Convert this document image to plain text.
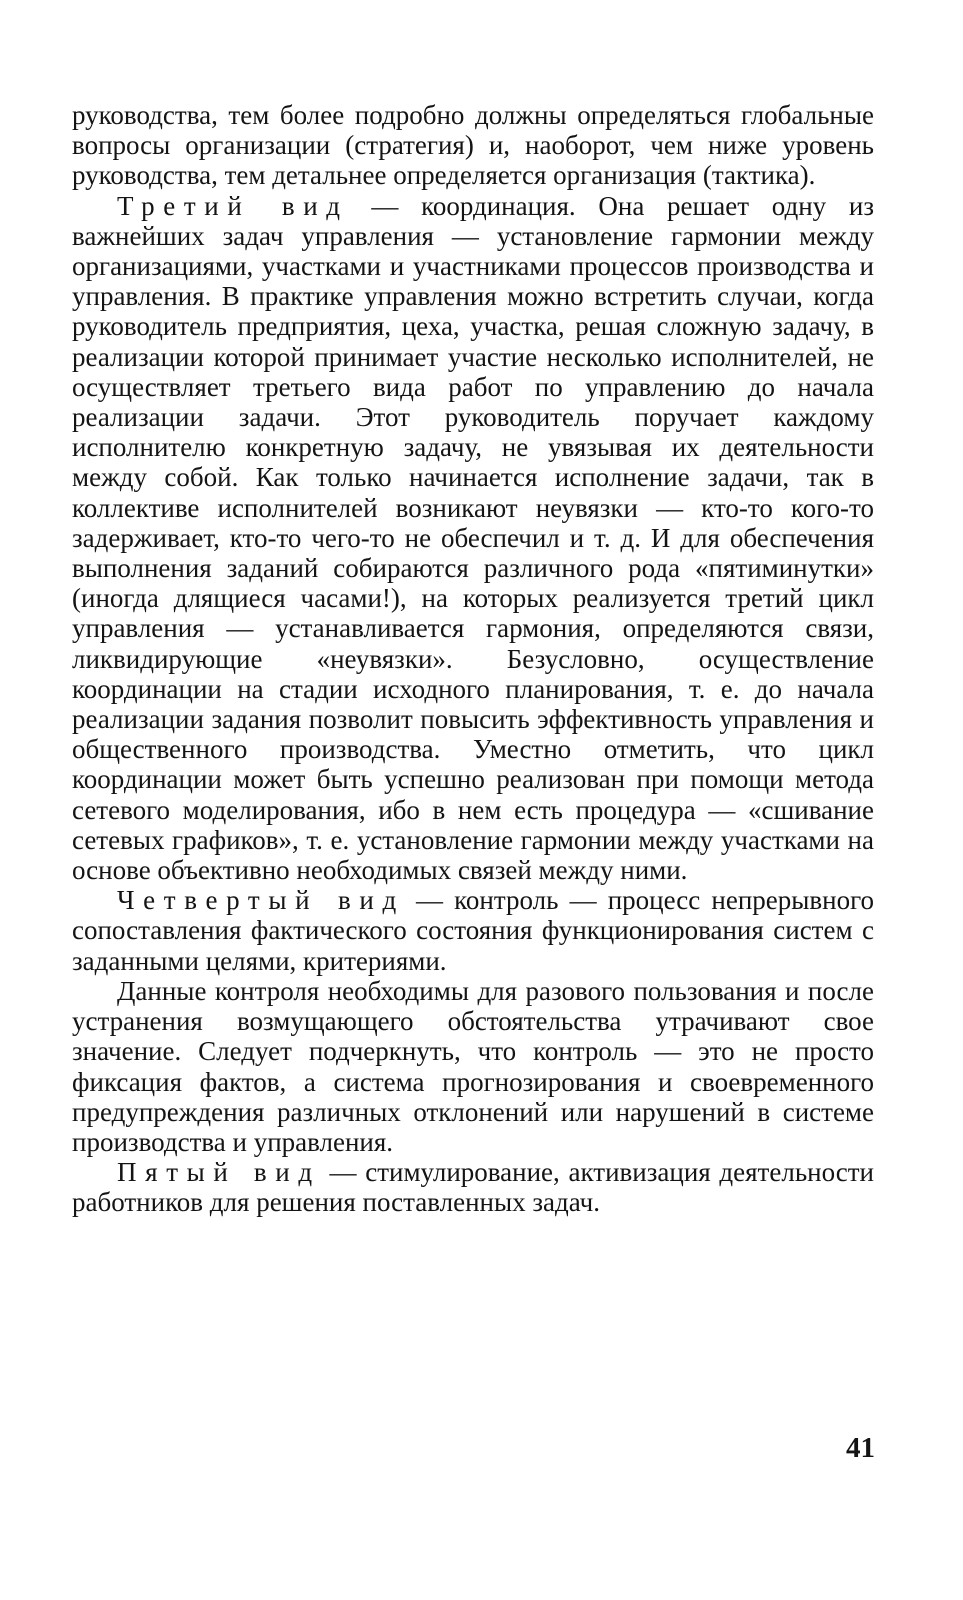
руководства, тем более подробно должны определяться глобальные вопросы организации (стратегия) и, наоборот, чем ниже уровень руководства, тем детальнее определяется организация (тактика).

Третий вид — координация. Она решает одну из важнейших задач управления — установление гармонии между организациями, участками и участниками процессов производства и управления. В практике управления можно встретить случаи, когда руководитель предприятия, цеха, участка, решая сложную задачу, в реализации которой принимает участие несколько исполнителей, не осуществляет третьего вида работ по управлению до начала реализации задачи. Этот руководитель поручает каждому исполнителю конкретную задачу, не увязывая их деятельности между собой. Как только начинается исполнение задачи, так в коллективе исполнителей возникают неувязки — кто-то кого-то задерживает, кто-то чего-то не обеспечил и т. д. И для обеспечения выполнения заданий собираются различного рода «пятиминутки» (иногда длящиеся часами!), на которых реализуется третий цикл управления — устанавливается гармония, определяются связи, ликвидирующие «неувязки». Безусловно, осуществление координации на стадии исходного планирования, т. е. до начала реализации задания позволит повысить эффективность управления и общественного производства. Уместно отметить, что цикл координации может быть успешно реализован при помощи метода сетевого моделирования, ибо в нем есть процедура — «сшивание сетевых графиков», т. е. установление гармонии между участками на основе объективно необходимых связей между ними.

Четвертый вид — контроль — процесс непрерывного сопоставления фактического состояния функционирования систем с заданными целями, критериями.

Данные контроля необходимы для разового пользования и после устранения возмущающего обстоятельства утрачивают свое значение. Следует подчеркнуть, что контроль — это не просто фиксация фактов, а система прогнозирования и своевременного предупреждения различных отклонений или нарушений в системе производства и управления.

Пятый вид — стимулирование, активизация деятельности работников для решения поставленных задач.

41
